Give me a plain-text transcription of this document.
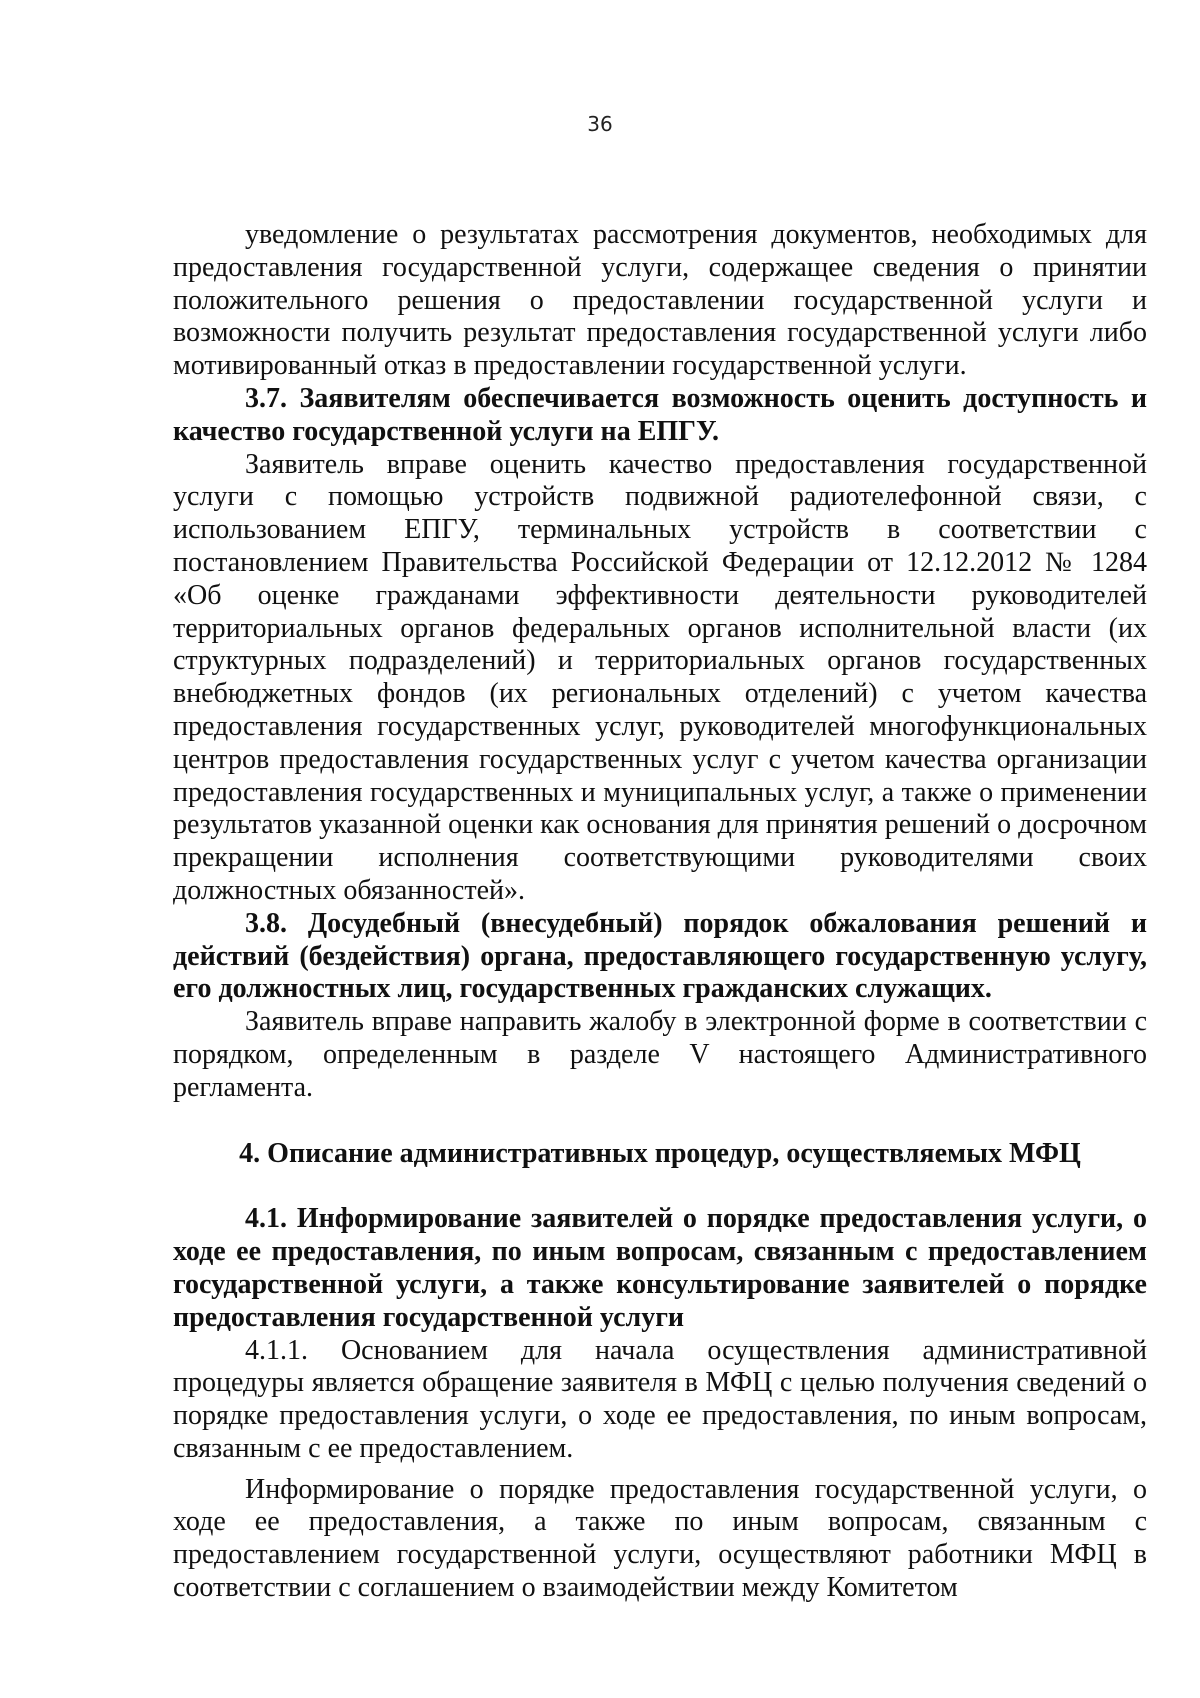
36

уведомление о результатах рассмотрения документов, необходимых для предоставления государственной услуги, содержащее сведения о принятии положительного решения о предоставлении государственной услуги и возможности получить результат предоставления государственной услуги либо мотивированный отказ в предоставлении государственной услуги.

3.7. Заявителям обеспечивается возможность оценить доступность и качество государственной услуги на ЕПГУ.

Заявитель вправе оценить качество предоставления государственной услуги с помощью устройств подвижной радиотелефонной связи, с использованием ЕПГУ, терминальных устройств в соответствии с постановлением Правительства Российской Федерации от 12.12.2012 № 1284 «Об оценке гражданами эффективности деятельности руководителей территориальных органов федеральных органов исполнительной власти (их структурных подразделений) и территориальных органов государственных внебюджетных фондов (их региональных отделений) с учетом качества предоставления государственных услуг, руководителей многофункциональных центров предоставления государственных услуг с учетом качества организации предоставления государственных и муниципальных услуг, а также о применении результатов указанной оценки как основания для принятия решений о досрочном прекращении исполнения соответствующими руководителями своих должностных обязанностей».

3.8. Досудебный (внесудебный) порядок обжалования решений и действий (бездействия) органа, предоставляющего государственную услугу, его должностных лиц, государственных гражданских служащих.

Заявитель вправе направить жалобу в электронной форме в соответствии с порядком, определенным в разделе V настоящего Административного регламента.

4. Описание административных процедур, осуществляемых МФЦ

4.1. Информирование заявителей о порядке предоставления услуги, о ходе ее предоставления, по иным вопросам, связанным с предоставлением государственной услуги, а также консультирование заявителей о порядке предоставления государственной услуги

4.1.1. Основанием для начала осуществления административной процедуры является обращение заявителя в МФЦ с целью получения сведений о порядке предоставления услуги, о ходе ее предоставления, по иным вопросам, связанным с ее предоставлением.

Информирование о порядке предоставления государственной услуги, о ходе ее предоставления, а также по иным вопросам, связанным с предоставлением государственной услуги, осуществляют работники МФЦ в соответствии с соглашением о взаимодействии между Комитетом
